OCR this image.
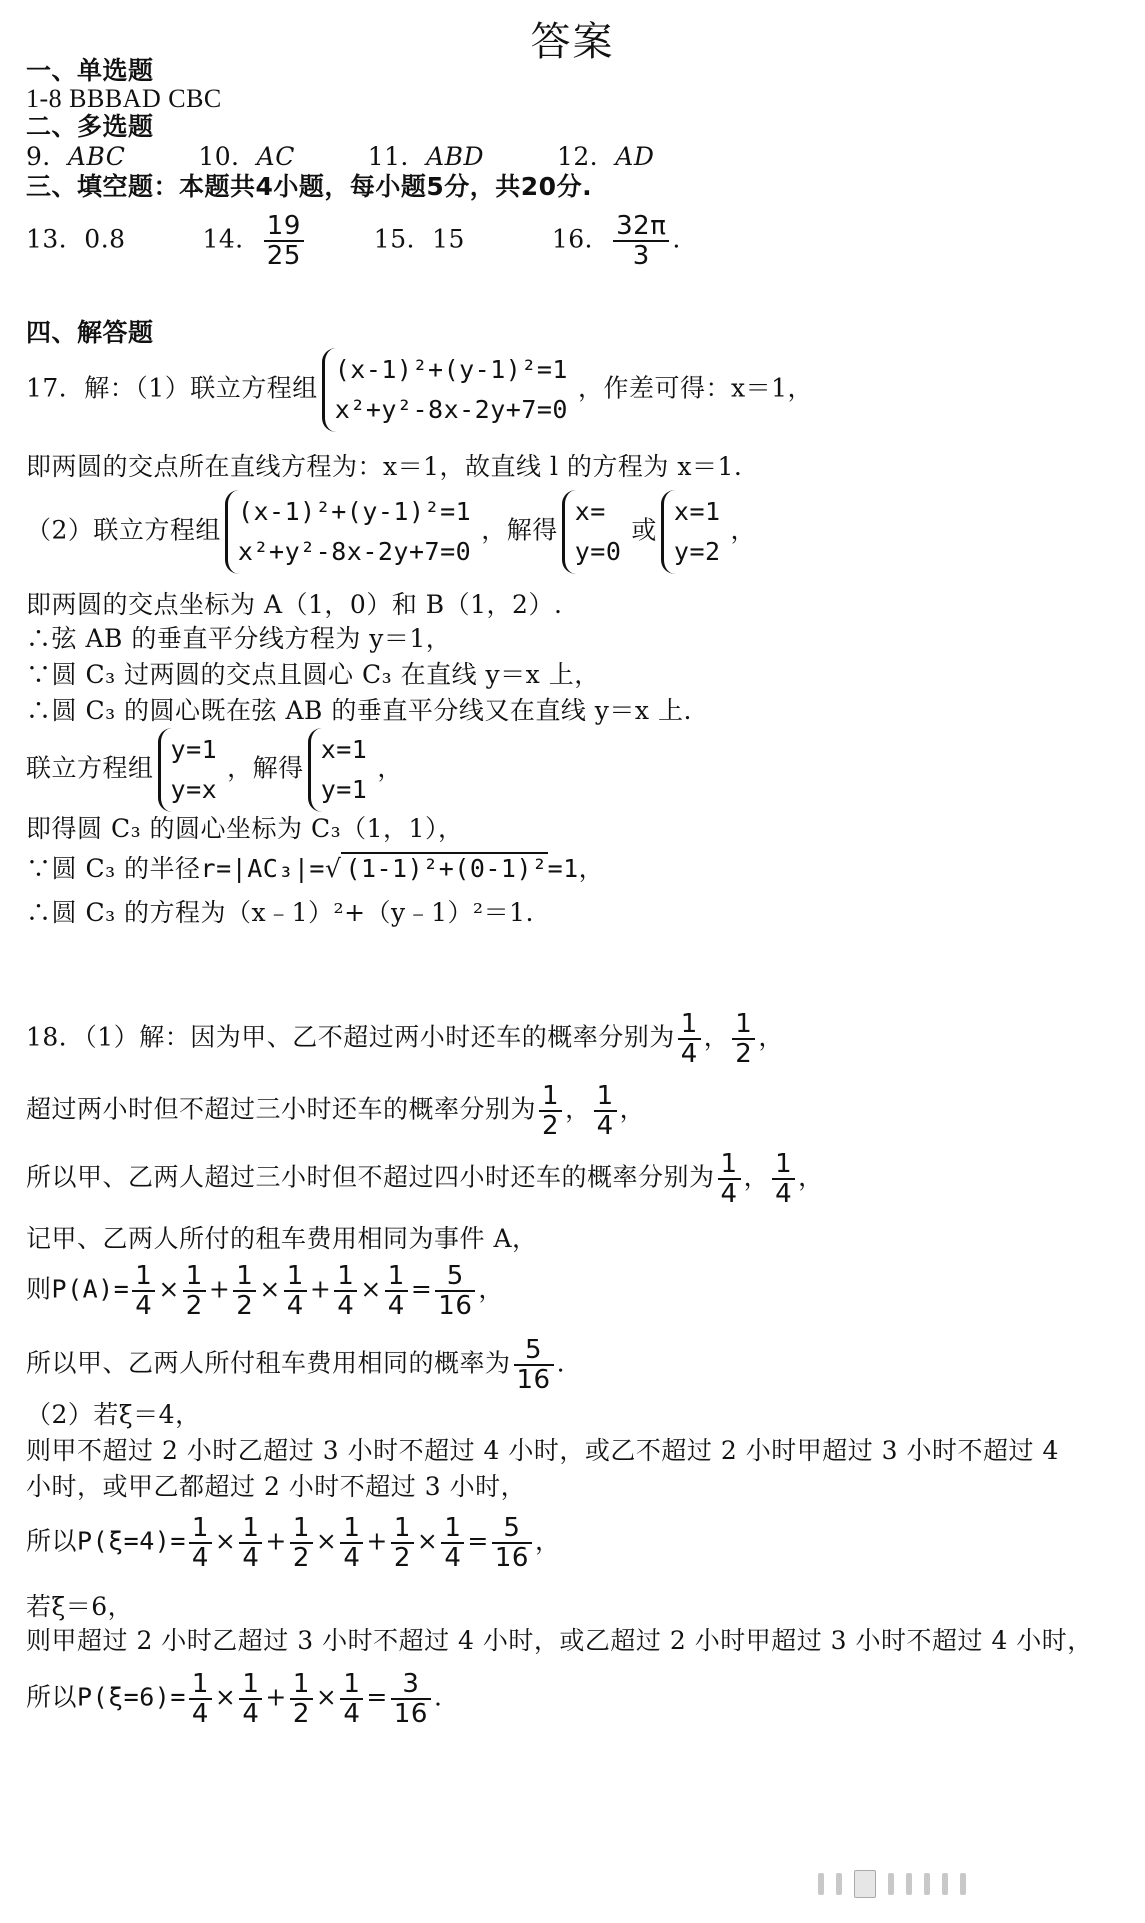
答案
一、单选题
1-8 BBBAD CBC
二、多选题
9．ABC	10．AC	11．ABD	12．AD
三、填空题：本题共4小题，每小题5分，共20分.
13．0.8	14． $\frac{19}{25}$	15．15	16． $\frac{32\pi}{3}$ .
四、解答题
17．解：（1）联立方程组
(x-1)²+(y-1)²=1
x²+y²-8x-2y+7=0
，作差可得：x＝1，
即两圆的交点所在直线方程为：x＝1，故直线 l 的方程为 x＝1.
（2）联立方程组
(x-1)²+(y-1)²=1
x²+y²-8x-2y+7=0
，解得
x=
y=0
或
x=1
y=2
，
即两圆的交点坐标为 A（1，0）和 B（1，2）.
∴弦 AB 的垂直平分线方程为 y＝1，
∵圆 C₃ 过两圆的交点且圆心 C₃ 在直线 y＝x 上，
∴圆 C₃ 的圆心既在弦 AB 的垂直平分线又在直线 y＝x 上.
联立方程组
y=1
y=x
，解得
x=1
y=1
，
即得圆 C₃ 的圆心坐标为 C₃（1，1），
∵圆 C₃ 的半径r=|AC₃|=√ (1-1)²+(0-1)²=1，
∴圆 C₃ 的方程为（x﹣1）²+（y﹣1）²＝1.
18．（1）解：因为甲、乙不超过两小时还车的概率分别为 $\frac{1}{4}$ ， $\frac{1}{2}$ ，
超过两小时但不超过三小时还车的概率分别为 $\frac{1}{2}$ ， $\frac{1}{4}$ ，
所以甲、乙两人超过三小时但不超过四小时还车的概率分别为 $\frac{1}{4}$ ， $\frac{1}{4}$ ，
记甲、乙两人所付的租车费用相同为事件 A，
则$P(A)= \frac{1}{4} \times \frac{1}{2} + \frac{1}{2} \times \frac{1}{4} + \frac{1}{4} \times \frac{1}{4} = \frac{5}{16}$ ，
所以甲、乙两人所付租车费用相同的概率为 $\frac{5}{16}$ .
（2）若ξ＝4，
则甲不超过 2 小时乙超过 3 小时不超过 4 小时，或乙不超过 2 小时甲超过 3 小时不超过 4
小时，或甲乙都超过 2 小时不超过 3 小时，
所以$P(\xi=4)= \frac{1}{4} \times \frac{1}{4} + \frac{1}{2} \times \frac{1}{4} + \frac{1}{2} \times \frac{1}{4} = \frac{5}{16}$ ，
若ξ＝6，
则甲超过 2 小时乙超过 3 小时不超过 4 小时，或乙超过 2 小时甲超过 3 小时不超过 4 小时，
所以$P(\xi=6)= \frac{1}{4} \times \frac{1}{4} + \frac{1}{2} \times \frac{1}{4} = \frac{3}{16}$ .
